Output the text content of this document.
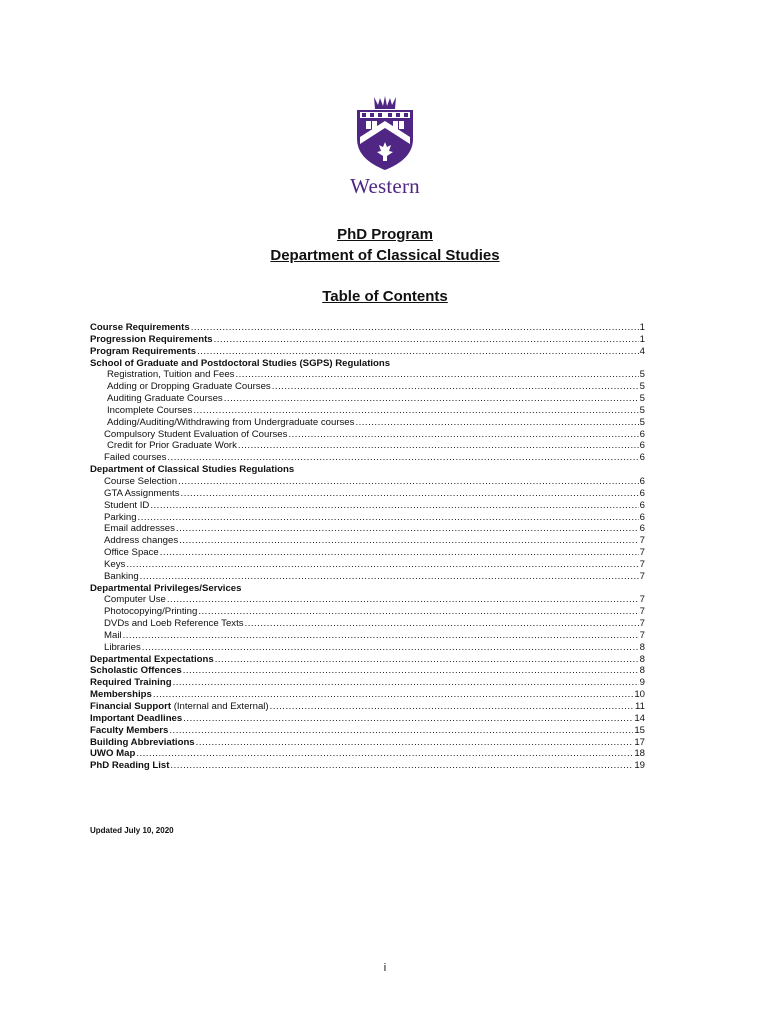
Western
PhD Program
Department of Classical Studies
Table of Contents
Course Requirements .....	1
Progression Requirements .....	1
Program Requirements .....	4
School of Graduate and Postdoctoral Studies (SGPS) Regulations
Registration, Tuition and Fees .....	5
Adding or Dropping Graduate Courses .....	5
Auditing Graduate Courses .....	5
Incomplete Courses .....	5
Adding/Auditing/Withdrawing from Undergraduate courses .....	5
Compulsory Student Evaluation of Courses .....	6
Credit for Prior Graduate Work .....	6
Failed courses .....	6
Department of Classical Studies Regulations
Course Selection .....	6
GTA Assignments .....	6
Student ID .....	6
Parking .....	6
Email addresses .....	6
Address changes .....	7
Office Space .....	7
Keys .....	7
Banking .....	7
Departmental Privileges/Services
Computer Use .....	7
Photocopying/Printing .....	7
DVDs and Loeb Reference Texts .....	7
Mail .....	7
Libraries .....	8
Departmental Expectations .....	8
Scholastic Offences .....	8
Required Training .....	9
Memberships .....	10
Financial Support (Internal and External) .....	11
Important Deadlines .....	14
Faculty Members .....	15
Building Abbreviations .....	17
UWO Map .....	18
PhD Reading List .....	19
Updated July 10, 2020
i
